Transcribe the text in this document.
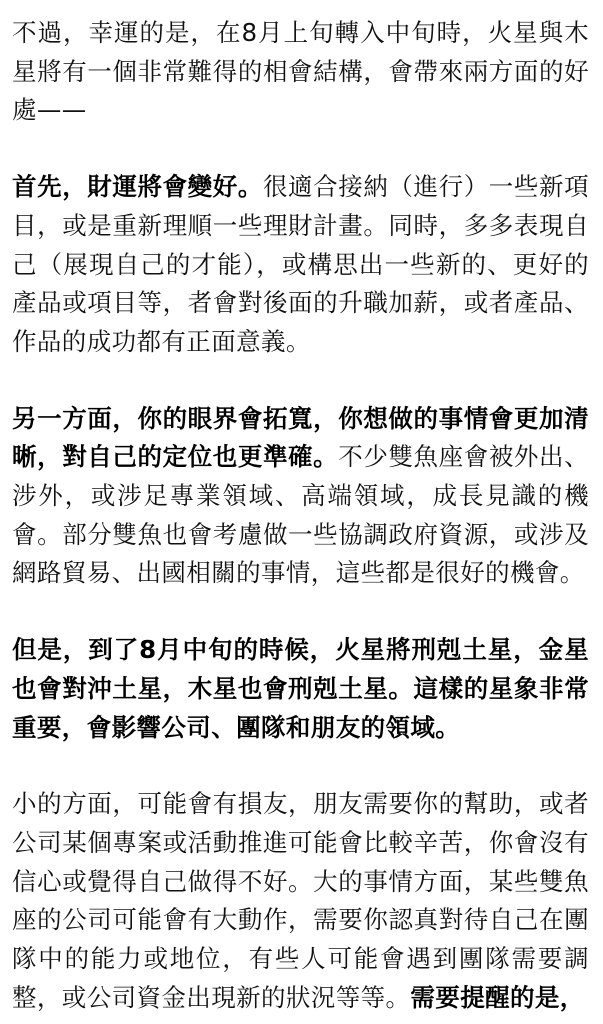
不過，幸運的是，在8月上旬轉入中旬時，火星與木星將有一個非常難得的相會結構，會帶來兩方面的好處——

首先，財運將會變好。很適合接納（進行）一些新項目，或是重新理順一些理財計畫。同時，多多表現自己（展現自己的才能），或構思出一些新的、更好的產品或項目等，者會對後面的升職加薪，或者產品、作品的成功都有正面意義。

另一方面，你的眼界會拓寬，你想做的事情會更加清晰，對自己的定位也更準確。不少雙魚座會被外出、涉外，或涉足專業領域、高端領域，成長見識的機會。部分雙魚也會考慮做一些協調政府資源，或涉及網路貿易、出國相關的事情，這些都是很好的機會。

但是，到了8月中旬的時候，火星將刑剋土星，金星也會對沖土星，木星也會刑剋土星。這樣的星象非常重要，會影響公司、團隊和朋友的領域。

小的方面，可能會有損友，朋友需要你的幫助，或者公司某個專案或活動推進可能會比較辛苦，你會沒有信心或覺得自己做得不好。大的事情方面，某些雙魚座的公司可能會有大動作，需要你認真對待自己在團隊中的能力或地位，有些人可能會遇到團隊需要調整，或公司資金出現新的狀況等等。需要提醒的是，
